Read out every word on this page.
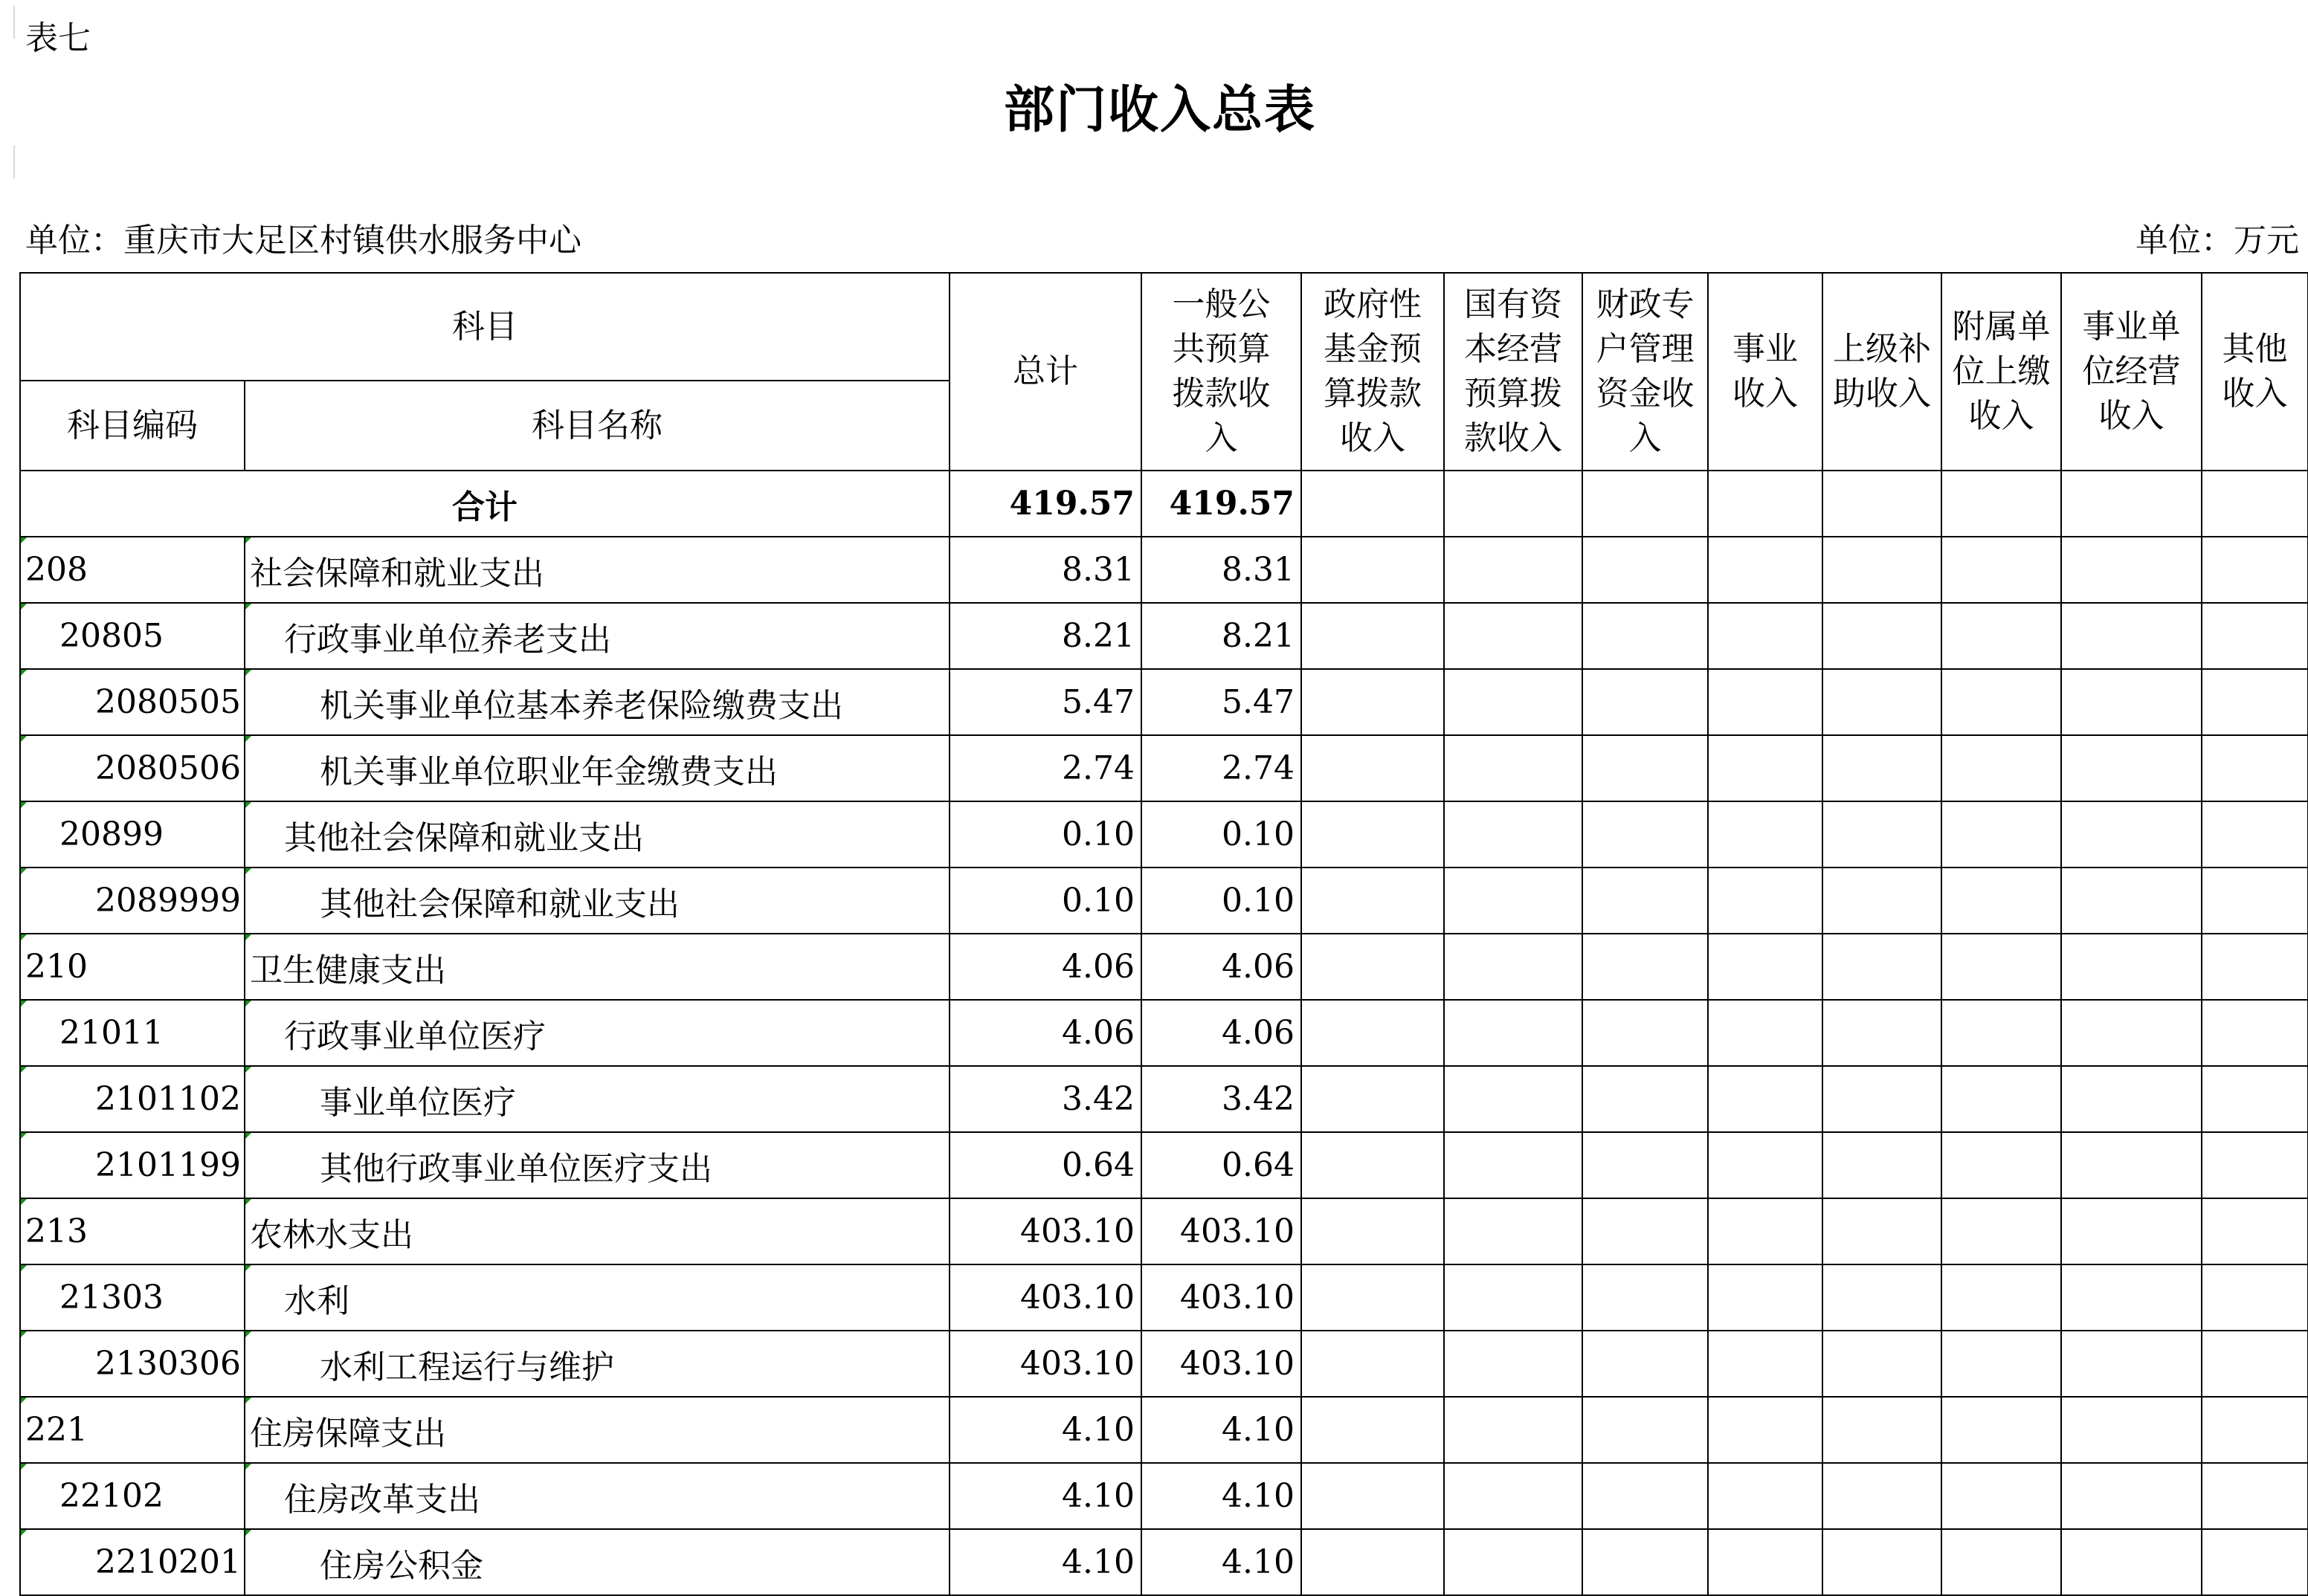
表七
部门收入总表
单位：重庆市大足区村镇供水服务中心	单位：万元
科目		总计	一般公共预算拨款收入	政府性基金预算拨款收入	国有资本经营预算拨款收入	财政专户管理资金收入	事业收入	上级补助收入	附属单位上缴收入	事业单位经营收入	其他收入

科目编码	科目名称										
合计		419.57	419.57								
208	社会保障和就业支出	8.31	8.31								
20805	行政事业单位养老支出	8.21	8.21								
2080505	机关事业单位基本养老保险缴费支出	5.47	5.47								
2080506	机关事业单位职业年金缴费支出	2.74	2.74								
20899	其他社会保障和就业支出	0.10	0.10								
2089999	其他社会保障和就业支出	0.10	0.10								
210	卫生健康支出	4.06	4.06								
21011	行政事业单位医疗	4.06	4.06								
2101102	事业单位医疗	3.42	3.42								
2101199	其他行政事业单位医疗支出	0.64	0.64								
213	农林水支出	403.10	403.10								
21303	水利	403.10	403.10								
2130306	水利工程运行与维护	403.10	403.10								
221	住房保障支出	4.10	4.10								
22102	住房改革支出	4.10	4.10								
2210201	住房公积金	4.10	4.10								
